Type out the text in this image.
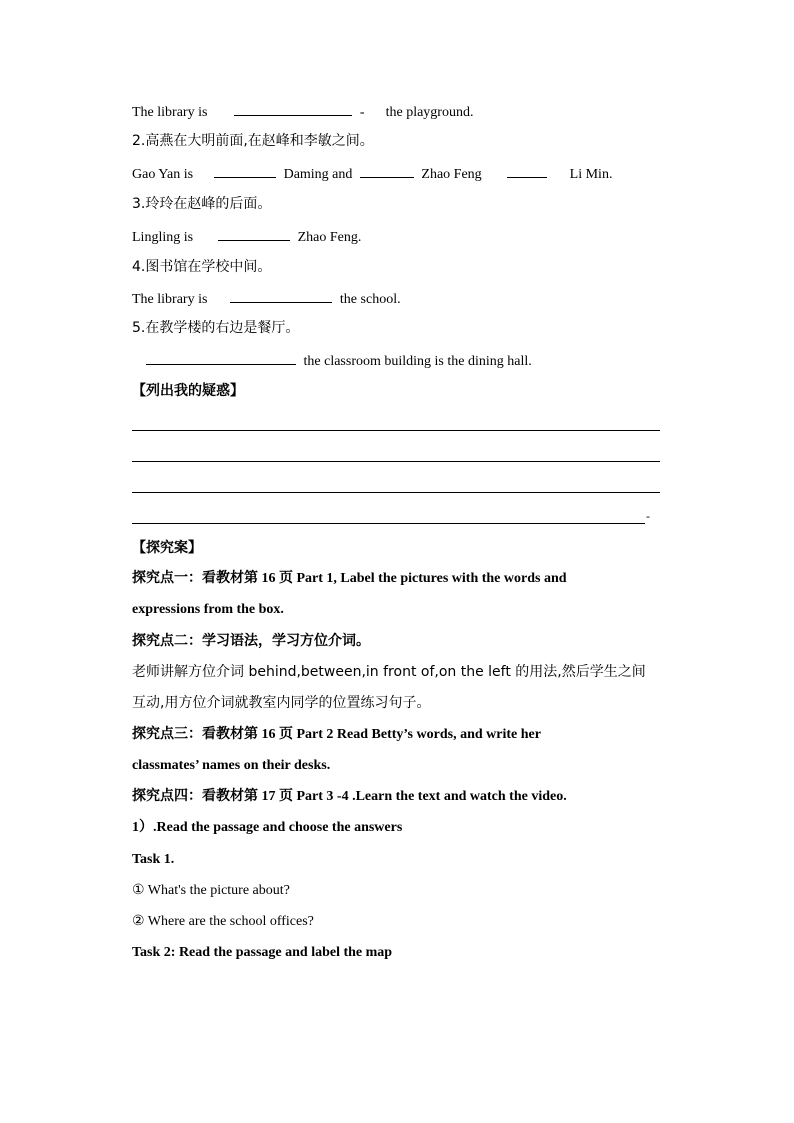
The library is	- the playground.
2.高燕在大明前面,在赵峰和李敏之间。
Gao Yan is	Daming and	Zhao Feng	Li Min.
3.玲玲在赵峰的后面。
Lingling is	Zhao Feng.
4.图书馆在学校中间。
The library is	the school.
5.在教学楼的右边是餐厅。
the classroom building is the dining hall.
【列出我的疑惑】
-
【探究案】
探究点一：看教材第 16 页 Part 1, Label the pictures with the words and
expressions from the box.
探究点二：学习语法，学习方位介词。
老师讲解方位介词 behind,between,in front of,on the left 的用法,然后学生之间
互动,用方位介词就教室内同学的位置练习句子。
探究点三：看教材第 16 页 Part 2 Read Betty’s words, and write her
classmates’ names on their desks.
探究点四：看教材第 17 页 Part 3 -4 .Learn the text and watch the video.
1）.Read the passage and choose the answers
Task 1.
① What's the picture about?
② Where are the school offices?
Task 2: Read the passage and label the map
